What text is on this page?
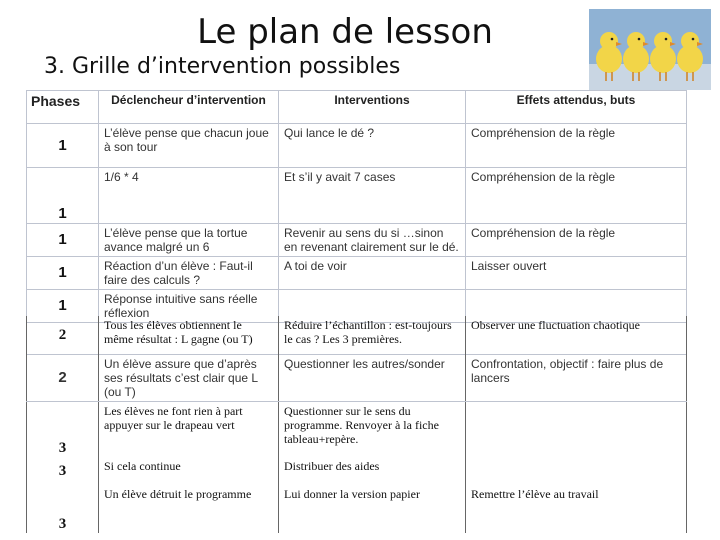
Le plan de lesson
3. Grille d’intervention possibles
Phases	Déclencheur d’intervention	Interventions	Effets attendus, buts
1	L’élève pense que chacun joue à son tour	Qui lance le dé ?	Compréhension de la règle
1	1/6 * 4	Et s’il y avait 7 cases	Compréhension de la règle
1	L’élève pense que la tortue avance malgré un 6	Revenir au sens du si …sinon en revenant clairement sur le dé.	Compréhension de la règle
1	Réaction d’un élève : Faut-il faire des calculs ?	A toi de voir	Laisser ouvert
1	Réponse intuitive sans réelle réflexion		
2	Tous les élèves obtiennent le même résultat : L gagne (ou T)	Réduire l’échantillon : est-toujours le cas ? Les 3 premières.	Observer une fluctuation chaotique
2	Un élève assure que d’après ses résultats c’est clair que L (ou T)	Questionner les autres/sonder	Confrontation, objectif : faire plus de lancers
3	Les élèves ne font rien à part appuyer sur le drapeau vert	Questionner sur le sens du programme. Renvoyer à la fiche tableau+repère.	
3	Si cela continue	Distribuer des aides	
3	Un élève détruit le programme	Lui donner la version papier	Remettre l’élève au travail
